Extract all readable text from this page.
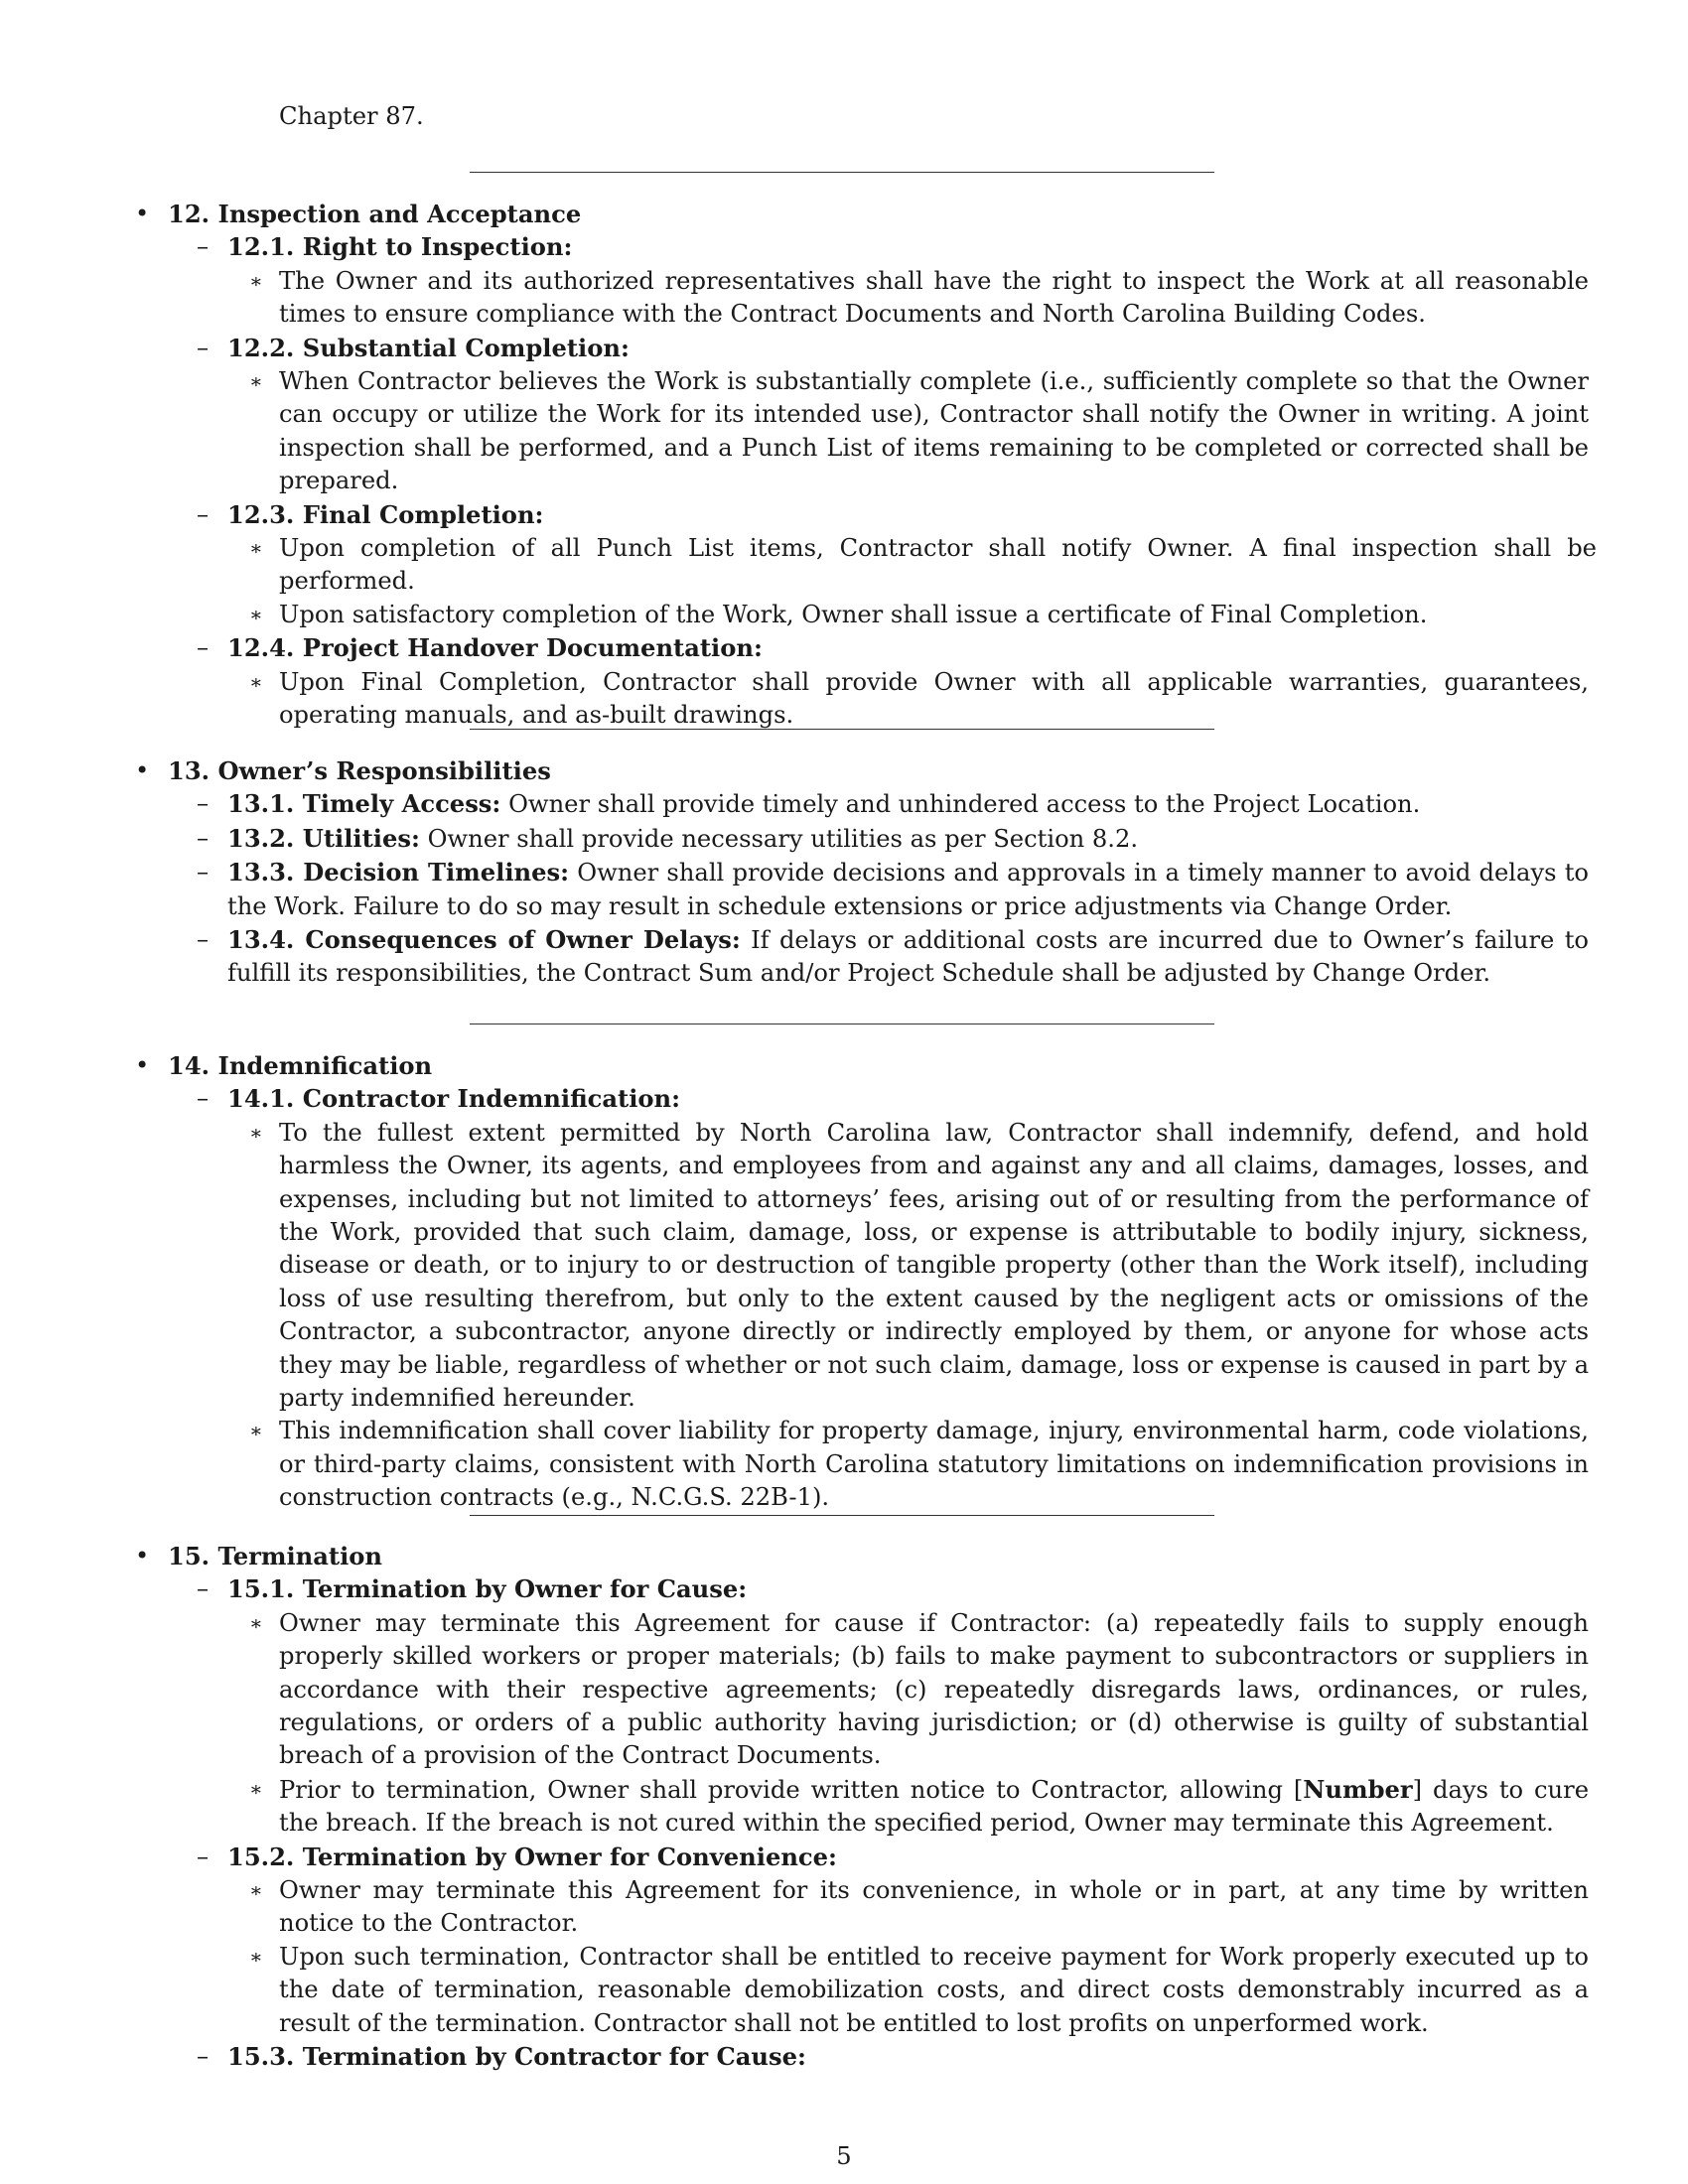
Chapter 87.
• 12. Inspection and Acceptance
– 12.1. Right to Inspection:
∗ The Owner and its authorized representatives shall have the right to inspect the Work at all reasonable times to ensure compliance with the Contract Documents and North Carolina Building Codes.
– 12.2. Substantial Completion:
∗ When Contractor believes the Work is substantially complete (i.e., sufficiently complete so that the Owner can occupy or utilize the Work for its intended use), Contractor shall notify the Owner in writing. A joint inspection shall be performed, and a Punch List of items remaining to be completed or corrected shall be prepared.
– 12.3. Final Completion:
∗ Upon completion of all Punch List items, Contractor shall notify Owner. A final inspection shall be performed.
∗ Upon satisfactory completion of the Work, Owner shall issue a certificate of Final Completion.
– 12.4. Project Handover Documentation:
∗ Upon Final Completion, Contractor shall provide Owner with all applicable warranties, guarantees, operating manuals, and as-built drawings.
• 13. Owner’s Responsibilities
– 13.1. Timely Access: Owner shall provide timely and unhindered access to the Project Location.
– 13.2. Utilities: Owner shall provide necessary utilities as per Section 8.2.
– 13.3. Decision Timelines: Owner shall provide decisions and approvals in a timely manner to avoid delays to the Work. Failure to do so may result in schedule extensions or price adjustments via Change Order.
– 13.4. Consequences of Owner Delays: If delays or additional costs are incurred due to Owner’s failure to fulfill its responsibilities, the Contract Sum and/or Project Schedule shall be adjusted by Change Order.
• 14. Indemnification
– 14.1. Contractor Indemnification:
∗ To the fullest extent permitted by North Carolina law, Contractor shall indemnify, defend, and hold harmless the Owner, its agents, and employees from and against any and all claims, damages, losses, and expenses, including but not limited to attorneys’ fees, arising out of or resulting from the performance of the Work, provided that such claim, damage, loss, or expense is attributable to bodily injury, sickness, disease or death, or to injury to or destruction of tangible property (other than the Work itself), including loss of use resulting therefrom, but only to the extent caused by the negligent acts or omissions of the Contractor, a subcontractor, anyone directly or indirectly employed by them, or anyone for whose acts they may be liable, regardless of whether or not such claim, damage, loss or expense is caused in part by a party indemnified hereunder.
∗ This indemnification shall cover liability for property damage, injury, environmental harm, code violations, or third-party claims, consistent with North Carolina statutory limitations on indemnification provisions in construction contracts (e.g., N.C.G.S. 22B-1).
• 15. Termination
– 15.1. Termination by Owner for Cause:
∗ Owner may terminate this Agreement for cause if Contractor: (a) repeatedly fails to supply enough properly skilled workers or proper materials; (b) fails to make payment to subcontractors or suppliers in accordance with their respective agreements; (c) repeatedly disregards laws, ordinances, or rules, regulations, or orders of a public authority having jurisdiction; or (d) otherwise is guilty of substantial breach of a provision of the Contract Documents.
∗ Prior to termination, Owner shall provide written notice to Contractor, allowing [Number] days to cure the breach. If the breach is not cured within the specified period, Owner may terminate this Agreement.
– 15.2. Termination by Owner for Convenience:
∗ Owner may terminate this Agreement for its convenience, in whole or in part, at any time by written notice to the Contractor.
∗ Upon such termination, Contractor shall be entitled to receive payment for Work properly executed up to the date of termination, reasonable demobilization costs, and direct costs demonstrably incurred as a result of the termination. Contractor shall not be entitled to lost profits on unperformed work.
– 15.3. Termination by Contractor for Cause:
5
